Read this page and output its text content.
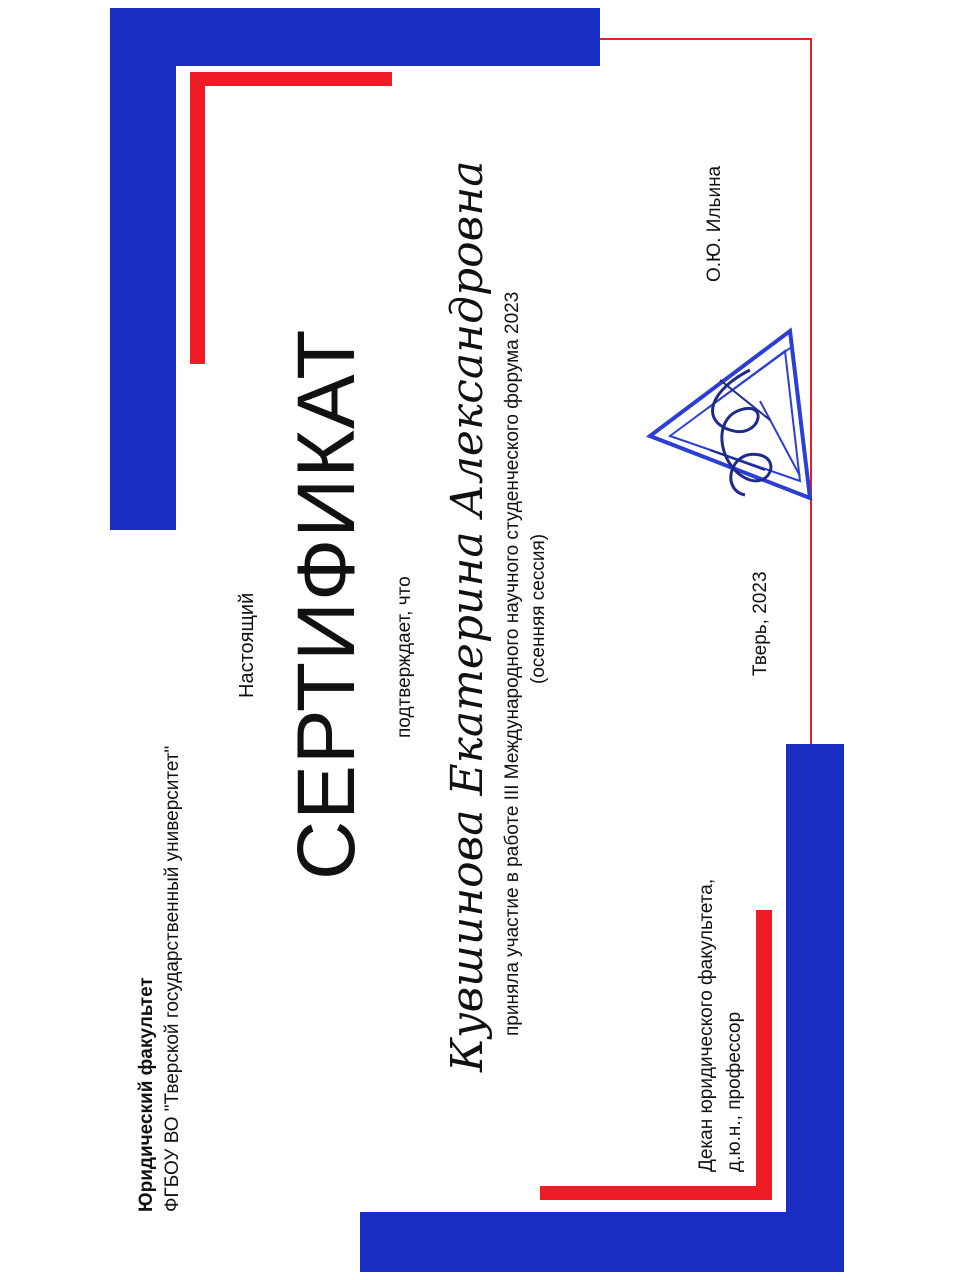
Юридический факультет ФГБОУ ВО "Тверской государственный университет"
Настоящий СЕРТИФИКАТ подтверждает, что Кувшинова Екатерина Александровна приняла участие в работе III Международного научного студенческого форума 2023 (осенняя сессия)
Декан юридического факультета, д.ю.н., профессор
Тверь, 2023
О.Ю. Ильина
